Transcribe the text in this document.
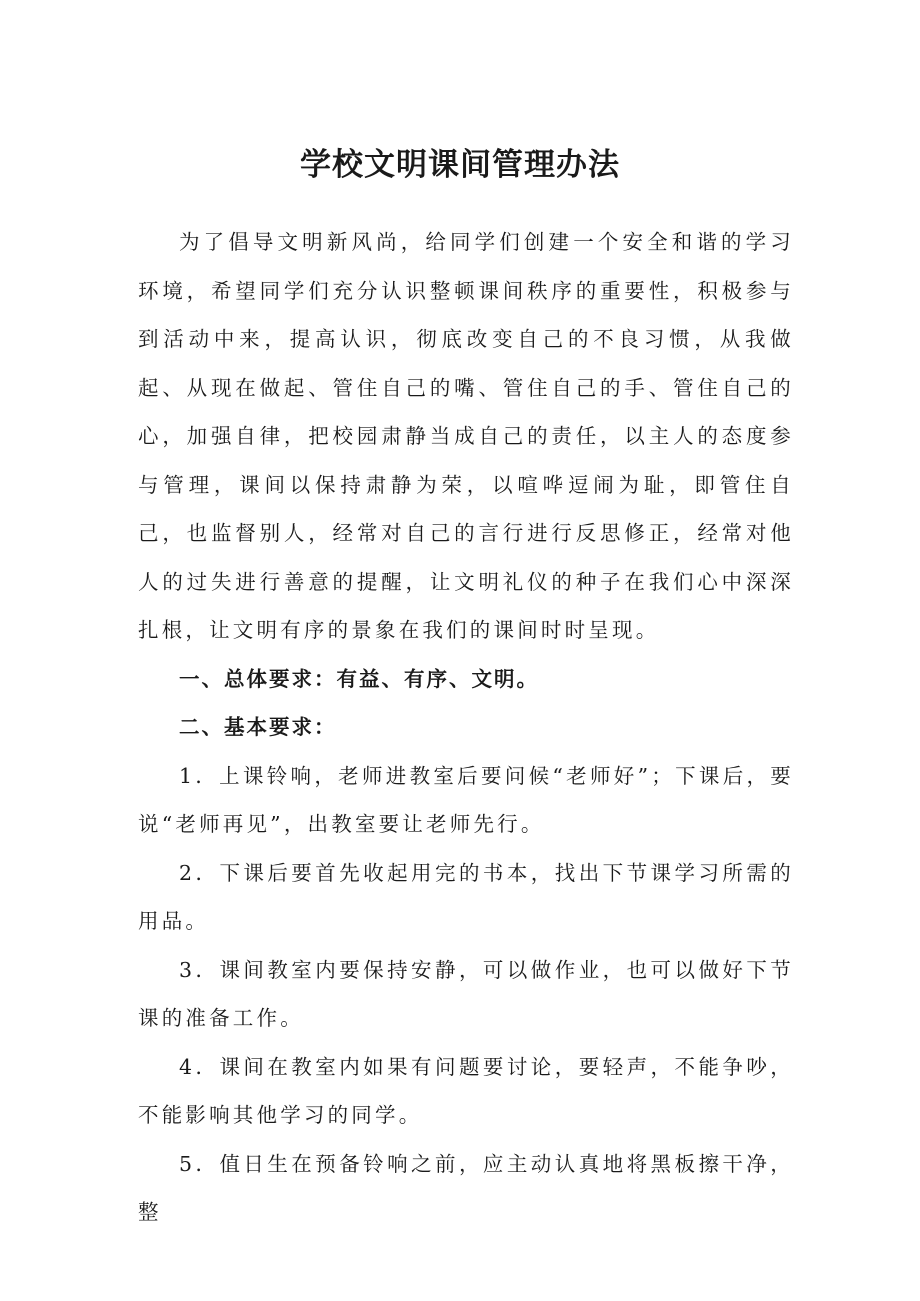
学校文明课间管理办法

为了倡导文明新风尚，给同学们创建一个安全和谐的学习环境，希望同学们充分认识整顿课间秩序的重要性，积极参与到活动中来，提高认识，彻底改变自己的不良习惯，从我做起、从现在做起、管住自己的嘴、管住自己的手、管住自己的心，加强自律，把校园肃静当成自己的责任，以主人的态度参与管理，课间以保持肃静为荣，以喧哗逗闹为耻，即管住自己，也监督别人，经常对自己的言行进行反思修正，经常对他人的过失进行善意的提醒，让文明礼仪的种子在我们心中深深扎根，让文明有序的景象在我们的课间时时呈现。

一、总体要求：有益、有序、文明。

二、基本要求：

1．上课铃响，老师进教室后要问候“老师好”；下课后，要说“老师再见”，出教室要让老师先行。

2．下课后要首先收起用完的书本，找出下节课学习所需的用品。

3．课间教室内要保持安静，可以做作业，也可以做好下节课的准备工作。

4．课间在教室内如果有问题要讨论，要轻声，不能争吵，不能影响其他学习的同学。

5．值日生在预备铃响之前，应主动认真地将黑板擦干净，整
